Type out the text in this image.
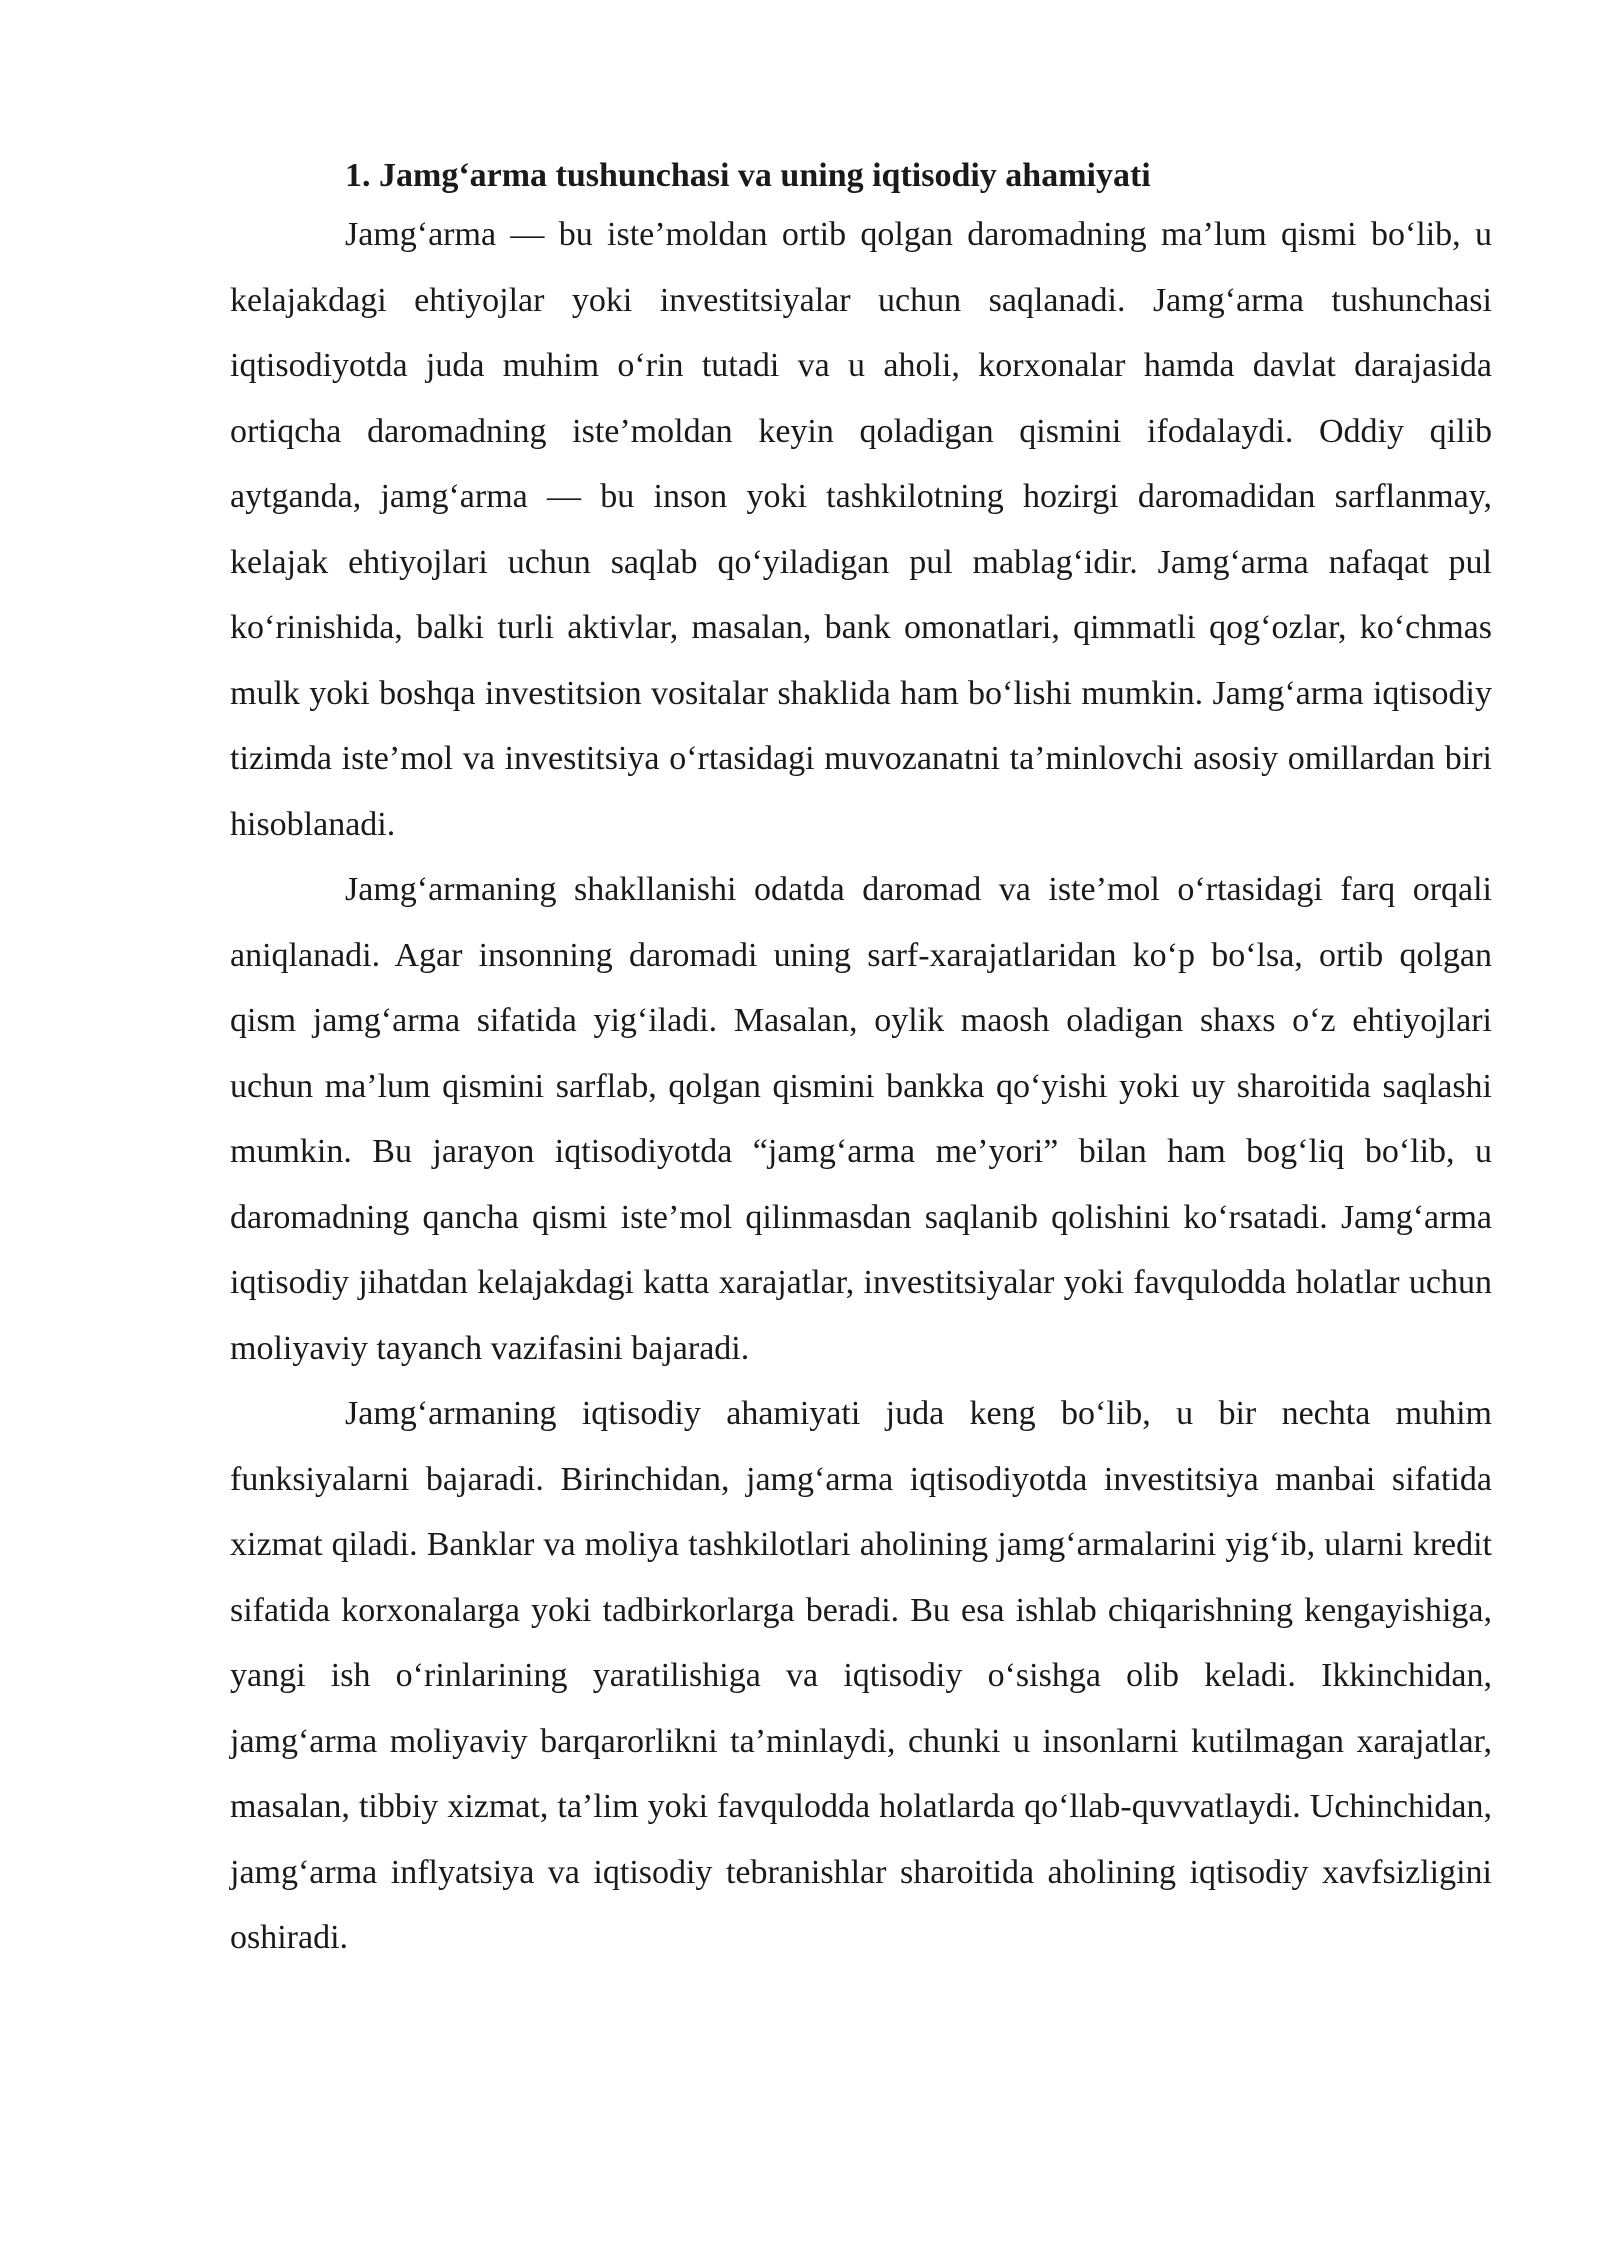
1. Jamg‘arma tushunchasi va uning iqtisodiy ahamiyati

Jamg‘arma — bu iste’moldan ortib qolgan daromadning ma’lum qismi bo‘lib, u kelajakdagi ehtiyojlar yoki investitsiyalar uchun saqlanadi. Jamg‘arma tushunchasi iqtisodiyotda juda muhim o‘rin tutadi va u aholi, korxonalar hamda davlat darajasida ortiqcha daromadning iste’moldan keyin qoladigan qismini ifodalaydi. Oddiy qilib aytganda, jamg‘arma — bu inson yoki tashkilotning hozirgi daromadidan sarflanmay, kelajak ehtiyojlari uchun saqlab qo‘yiladigan pul mablag‘idir. Jamg‘arma nafaqat pul ko‘rinishida, balki turli aktivlar, masalan, bank omonatlari, qimmatli qog‘ozlar, ko‘chmas mulk yoki boshqa investitsion vositalar shaklida ham bo‘lishi mumkin. Jamg‘arma iqtisodiy tizimda iste’mol va investitsiya o‘rtasidagi muvozanatni ta’minlovchi asosiy omillardan biri hisoblanadi.

Jamg‘armaning shakllanishi odatda daromad va iste’mol o‘rtasidagi farq orqali aniqlanadi. Agar insonning daromadi uning sarf-xarajatlaridan ko‘p bo‘lsa, ortib qolgan qism jamg‘arma sifatida yig‘iladi. Masalan, oylik maosh oladigan shaxs o‘z ehtiyojlari uchun ma’lum qismini sarflab, qolgan qismini bankka qo‘yishi yoki uy sharoitida saqlashi mumkin. Bu jarayon iqtisodiyotda “jamg‘arma me’yori” bilan ham bog‘liq bo‘lib, u daromadning qancha qismi iste’mol qilinmasdan saqlanib qolishini ko‘rsatadi. Jamg‘arma iqtisodiy jihatdan kelajakdagi katta xarajatlar, investitsiyalar yoki favqulodda holatlar uchun moliyaviy tayanch vazifasini bajaradi.

Jamg‘armaning iqtisodiy ahamiyati juda keng bo‘lib, u bir nechta muhim funksiyalarni bajaradi. Birinchidan, jamg‘arma iqtisodiyotda investitsiya manbai sifatida xizmat qiladi. Banklar va moliya tashkilotlari aholining jamg‘armalarini yig‘ib, ularni kredit sifatida korxonalarga yoki tadbirkorlarga beradi. Bu esa ishlab chiqarishning kengayishiga, yangi ish o‘rinlarining yaratilishiga va iqtisodiy o‘sishga olib keladi. Ikkinchidan, jamg‘arma moliyaviy barqarorlikni ta’minlaydi, chunki u insonlarni kutilmagan xarajatlar, masalan, tibbiy xizmat, ta’lim yoki favqulodda holatlarda qo‘llab-quvvatlaydi. Uchinchidan, jamg‘arma inflyatsiya va iqtisodiy tebranishlar sharoitida aholining iqtisodiy xavfsizligini oshiradi.
